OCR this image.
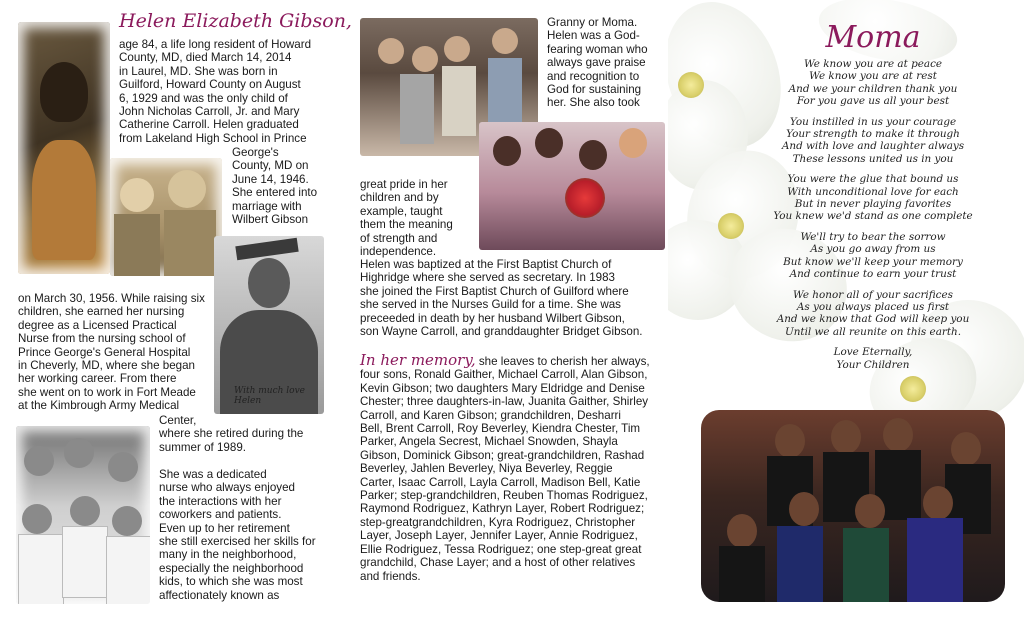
Helen Elizabeth Gibson,

age 84, a life long resident of Howard

County, MD, died March 14, 2014

in Laurel, MD. She was born in

Guilford, Howard County on August

6, 1929 and was the only child of

John Nicholas Carroll, Jr. and Mary

Catherine Carroll. Helen graduated

from Lakeland High School in Prince

George's

County, MD on

June 14, 1946.

She entered into

marriage with

Wilbert Gibson

With much love Helen

on March 30, 1956. While raising six

children, she earned her nursing

degree as a Licensed Practical

Nurse from the nursing school of

Prince George's General Hospital

in Cheverly, MD, where she began

her working career. From there

she went on to work in Fort Meade

at the Kimbrough Army Medical

Center,

where she retired during the

summer of 1989.

She was a dedicated

nurse who always enjoyed

the interactions with her

coworkers and patients.

Even up to her retirement

she still exercised her skills for

many in the neighborhood,

especially the neighborhood

kids, to which she was most

affectionately known as

Granny or Moma.

Helen was a God-

fearing woman who

always gave praise

and recognition to

God for sustaining

her. She also took

great pride in her

children and by

example, taught

them the meaning

of strength and

independence.

Helen was baptized at the First Baptist Church of

Highridge where she served as secretary. In 1983

she joined the First Baptist Church of Guilford where

she served in the Nurses Guild for a time. She was

preceeded in death by her husband Wilbert Gibson,

son Wayne Carroll, and granddaughter Bridget Gibson.

In her memory, she leaves to cherish her always,

four sons, Ronald Gaither, Michael Carroll, Alan Gibson,

Kevin Gibson; two daughters Mary Eldridge and Denise

Chester; three daughters-in-law, Juanita Gaither, Shirley

Carroll, and Karen Gibson; grandchildren, Desharri

Bell, Brent Carroll, Roy Beverley, Kiendra Chester, Tim

Parker, Angela Secrest, Michael Snowden, Shayla

Gibson, Dominick Gibson; great-grandchildren, Rashad

Beverley, Jahlen Beverley, Niya Beverley, Reggie

Carter, Isaac Carroll, Layla Carroll, Madison Bell, Katie

Parker; step-grandchildren, Reuben Thomas Rodriguez,

Raymond Rodriguez, Kathryn Layer, Robert Rodriguez;

step-greatgrandchildren, Kyra Rodriguez, Christopher

Layer, Joseph Layer, Jennifer Layer, Annie Rodriguez,

Ellie Rodriguez, Tessa Rodriguez; one step-great great

grandchild, Chase Layer; and a host of other relatives

and friends.

Moma
We know you are at peace
We know you are at rest
And we your children thank you
For you gave us all your best
You instilled in us your courage
Your strength to make it through
And with love and laughter always
These lessons united us in you
You were the glue that bound us
With unconditional love for each
But in never playing favorites
You knew we'd stand as one complete
We'll try to bear the sorrow
As you go away from us
But know we'll keep your memory
And continue to earn your trust
We honor all of your sacrifices
As you always placed us first
And we know that God will keep you
Until we all reunite on this earth.
Love Eternally,
Your Children
